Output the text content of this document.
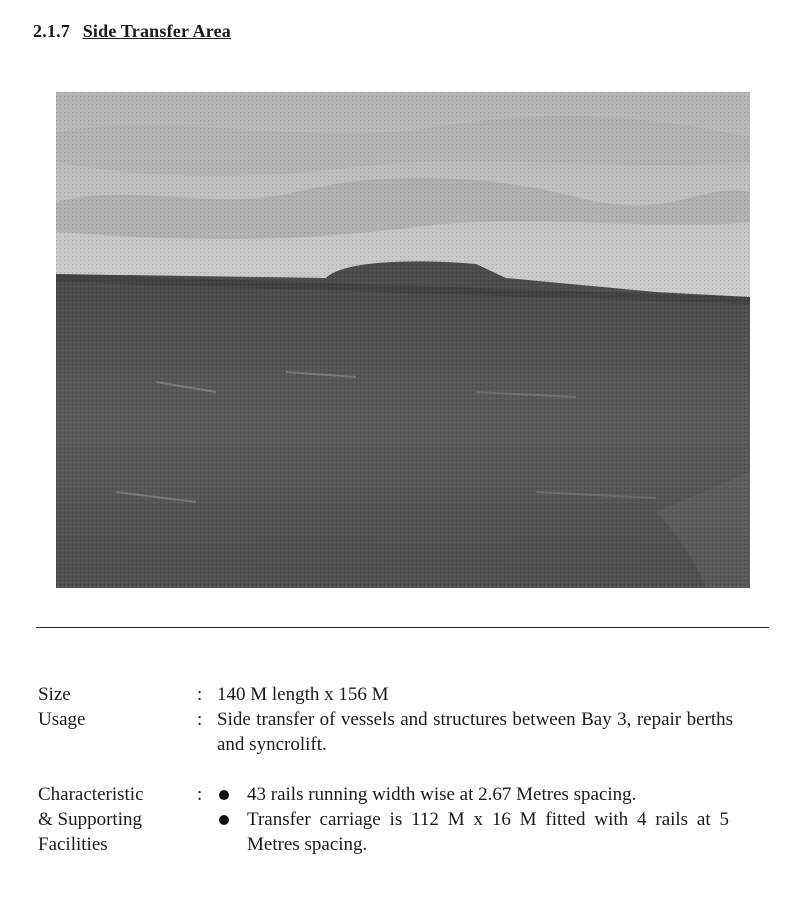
2.1.7 Side Transfer Area
Size	: 140 M length x 156 M
Usage	: Side transfer of vessels and structures between Bay 3, repair berths and syncrolift.
Characteristic
& Supporting
Facilities
:	43 rails running width wise at 2.67 Metres spacing.
Transfer carriage is 112 M x 16 M fitted with 4 rails at 5 Metres spacing.
